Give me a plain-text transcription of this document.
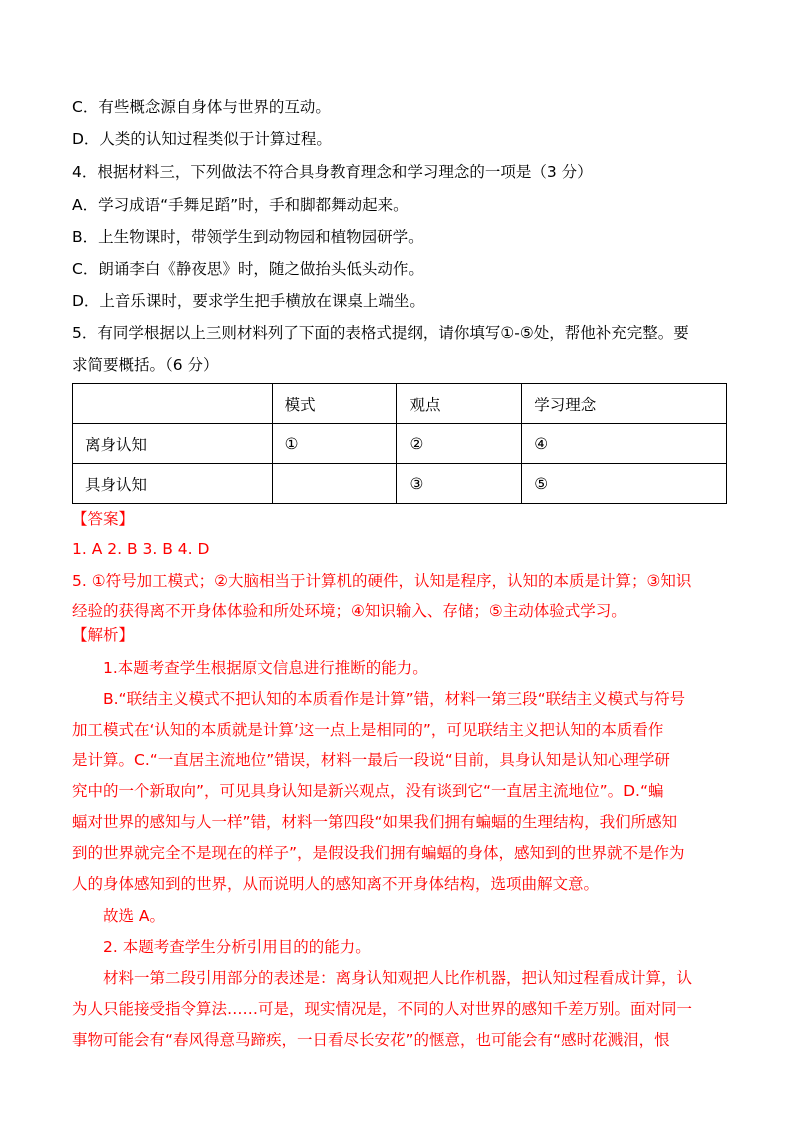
C．有些概念源自身体与世界的互动。
D．人类的认知过程类似于计算过程。
4．根据材料三，下列做法不符合具身教育理念和学习理念的一项是（3 分）
A．学习成语“手舞足蹈”时，手和脚都舞动起来。
B．上生物课时，带领学生到动物园和植物园研学。
C．朗诵李白《静夜思》时，随之做抬头低头动作。
D．上音乐课时，要求学生把手横放在课桌上端坐。
5．有同学根据以上三则材料列了下面的表格式提纲，请你填写①-⑤处，帮他补充完整。要
求简要概括。（6 分）
	模式	观点	学习理念
离身认知	①	②	④
具身认知		③	⑤
【答案】
1. A 2. B 3. B 4. D
5. ①符号加工模式；②大脑相当于计算机的硬件，认知是程序，认知的本质是计算；③知识
经验的获得离不开身体体验和所处环境；④知识输入、存储；⑤主动体验式学习。
【解析】
1.本题考查学生根据原文信息进行推断的能力。
B.“联结主义模式不把认知的本质看作是计算”错，材料一第三段“联结主义模式与符号
加工模式在‘认知的本质就是计算’这一点上是相同的”，可见联结主义把认知的本质看作
是计算。C.“一直居主流地位”错误，材料一最后一段说“目前，具身认知是认知心理学研
究中的一个新取向”，可见具身认知是新兴观点，没有谈到它“一直居主流地位”。D.“蝙
蝠对世界的感知与人一样”错，材料一第四段“如果我们拥有蝙蝠的生理结构，我们所感知
到的世界就完全不是现在的样子”，是假设我们拥有蝙蝠的身体，感知到的世界就不是作为
人的身体感知到的世界，从而说明人的感知离不开身体结构，选项曲解文意。
故选 A。
2. 本题考查学生分析引用目的的能力。
材料一第二段引用部分的表述是：离身认知观把人比作机器，把认知过程看成计算，认
为人只能接受指令算法……可是，现实情况是，不同的人对世界的感知千差万别。面对同一
事物可能会有“春风得意马蹄疾，一日看尽长安花”的惬意，也可能会有“感时花溅泪，恨
